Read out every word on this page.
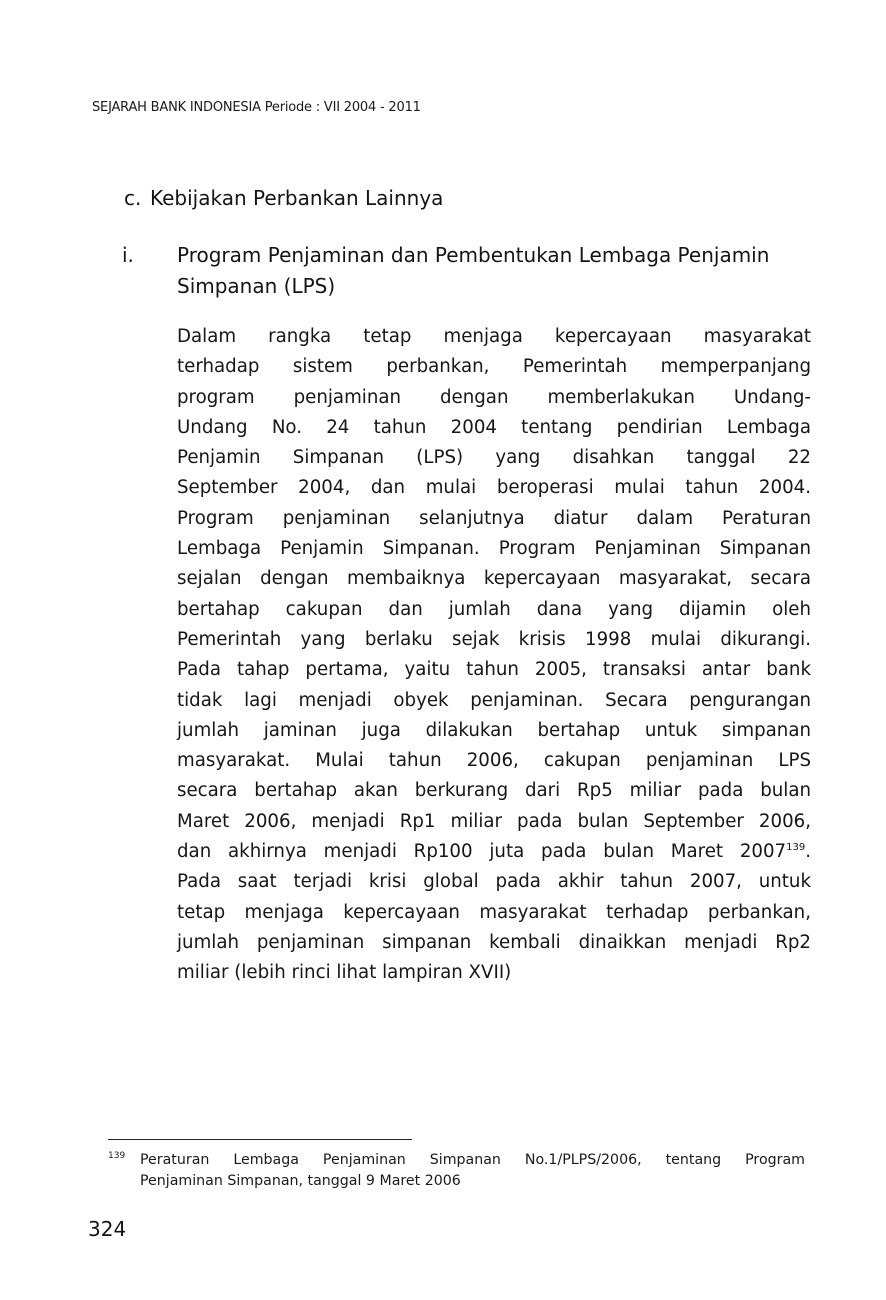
SEJARAH BANK INDONESIA Periode : VII 2004 - 2011
c. Kebijakan Perbankan Lainnya
i. Program Penjaminan dan Pembentukan Lembaga Penjamin Simpanan (LPS)
Dalam rangka tetap menjaga kepercayaan masyarakat
terhadap sistem perbankan, Pemerintah memperpanjang
program penjaminan dengan memberlakukan Undang-
Undang No. 24 tahun 2004 tentang pendirian Lembaga
Penjamin Simpanan (LPS) yang disahkan tanggal 22
September 2004, dan mulai beroperasi mulai tahun 2004.
Program penjaminan selanjutnya diatur dalam Peraturan
Lembaga Penjamin Simpanan. Program Penjaminan Simpanan
sejalan dengan membaiknya kepercayaan masyarakat, secara
bertahap cakupan dan jumlah dana yang dijamin oleh
Pemerintah yang berlaku sejak krisis 1998 mulai dikurangi.
Pada tahap pertama, yaitu tahun 2005, transaksi antar bank
tidak lagi menjadi obyek penjaminan. Secara pengurangan
jumlah jaminan juga dilakukan bertahap untuk simpanan
masyarakat. Mulai tahun 2006, cakupan penjaminan LPS
secara bertahap akan berkurang dari Rp5 miliar pada bulan
Maret 2006, menjadi Rp1 miliar pada bulan September 2006,
dan akhirnya menjadi Rp100 juta pada bulan Maret 2007$^{139}$.
Pada saat terjadi krisi global pada akhir tahun 2007, untuk
tetap menjaga kepercayaan masyarakat terhadap perbankan,
jumlah penjaminan simpanan kembali dinaikkan menjadi Rp2
miliar (lebih rinci lihat lampiran XVII)
139 Peraturan Lembaga Penjaminan Simpanan No.1/PLPS/2006, tentang Program
Penjaminan Simpanan, tanggal 9 Maret 2006
324
